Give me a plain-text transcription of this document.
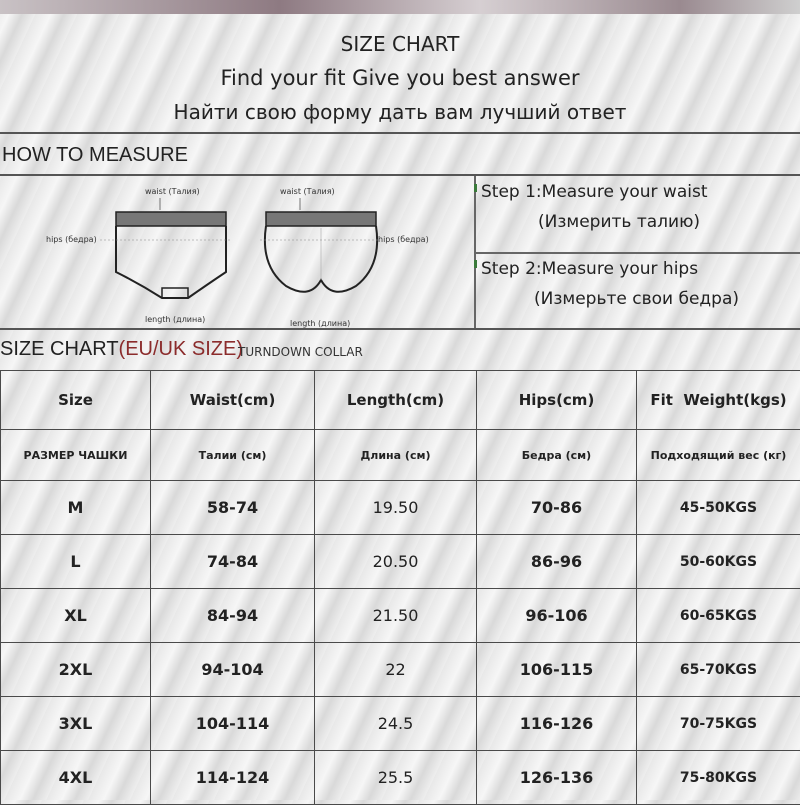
SIZE CHART
Find your fit Give you best answer
Найти свою форму дать вам лучший ответ
HOW TO MEASURE
waist (Талия)
hips (бедра)
length (длина)
waist (Талия)
hips (бедра)
length (длина)
Step 1:Measure your waist
(Измерить талию)
Step 2:Measure your hips
(Измерьте свои бедра)
SIZE CHART(EU/UK SIZE)
TURNDOWN COLLAR
Size	Waist(cm)	Length(cm)	Hips(cm)	Fit  Weight(kgs)
РАЗМЕР ЧАШКИ	Талии (см)	Длина (см)	Бедра (см)	Подходящий вес (кг)
M	58-74	19.50	70-86	45-50KGS
L	74-84	20.50	86-96	50-60KGS
XL	84-94	21.50	96-106	60-65KGS
2XL	94-104	22	106-115	65-70KGS
3XL	104-114	24.5	116-126	70-75KGS
4XL	114-124	25.5	126-136	75-80KGS
